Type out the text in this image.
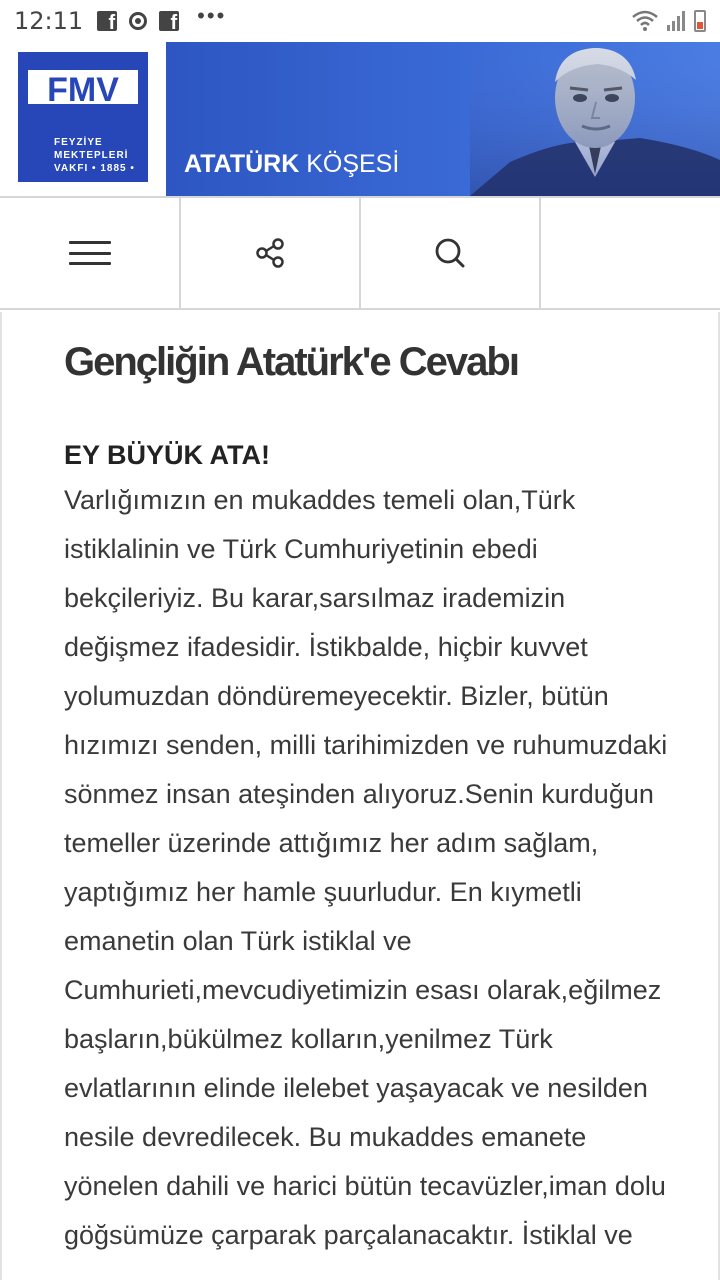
12:11 f f	•••
FMV
FEYZİYE
MEKTEPLERİ
VAKFI • 1885 • ATATÜRK KÖŞESİ
Gençliğin Atatürk'e Cevabı
EY BÜYÜK ATA!
Varlığımızın en mukaddes temeli olan,Türk istiklalinin ve Türk Cumhuriyetinin ebedi bekçileriyiz. Bu karar,sarsılmaz irademizin değişmez ifadesidir. İstikbalde, hiçbir kuvvet yolumuzdan döndüremeyecektir. Bizler, bütün hızımızı senden, milli tarihimizden ve ruhumuzdaki sönmez insan ateşinden alıyoruz.Senin kurduğun temeller üzerinde attığımız her adım sağlam, yaptığımız her hamle şuurludur. En kıymetli emanetin olan Türk istiklal ve Cumhurieti,mevcudiyetimizin esası olarak,eğilmez başların,bükülmez kolların,yenilmez Türk evlatlarının elinde ilelebet yaşayacak ve nesilden nesile devredilecek. Bu mukaddes emanete yönelen dahili ve harici bütün tecavüzler,iman dolu göğsümüze çarparak parçalanacaktır. İstiklal ve
